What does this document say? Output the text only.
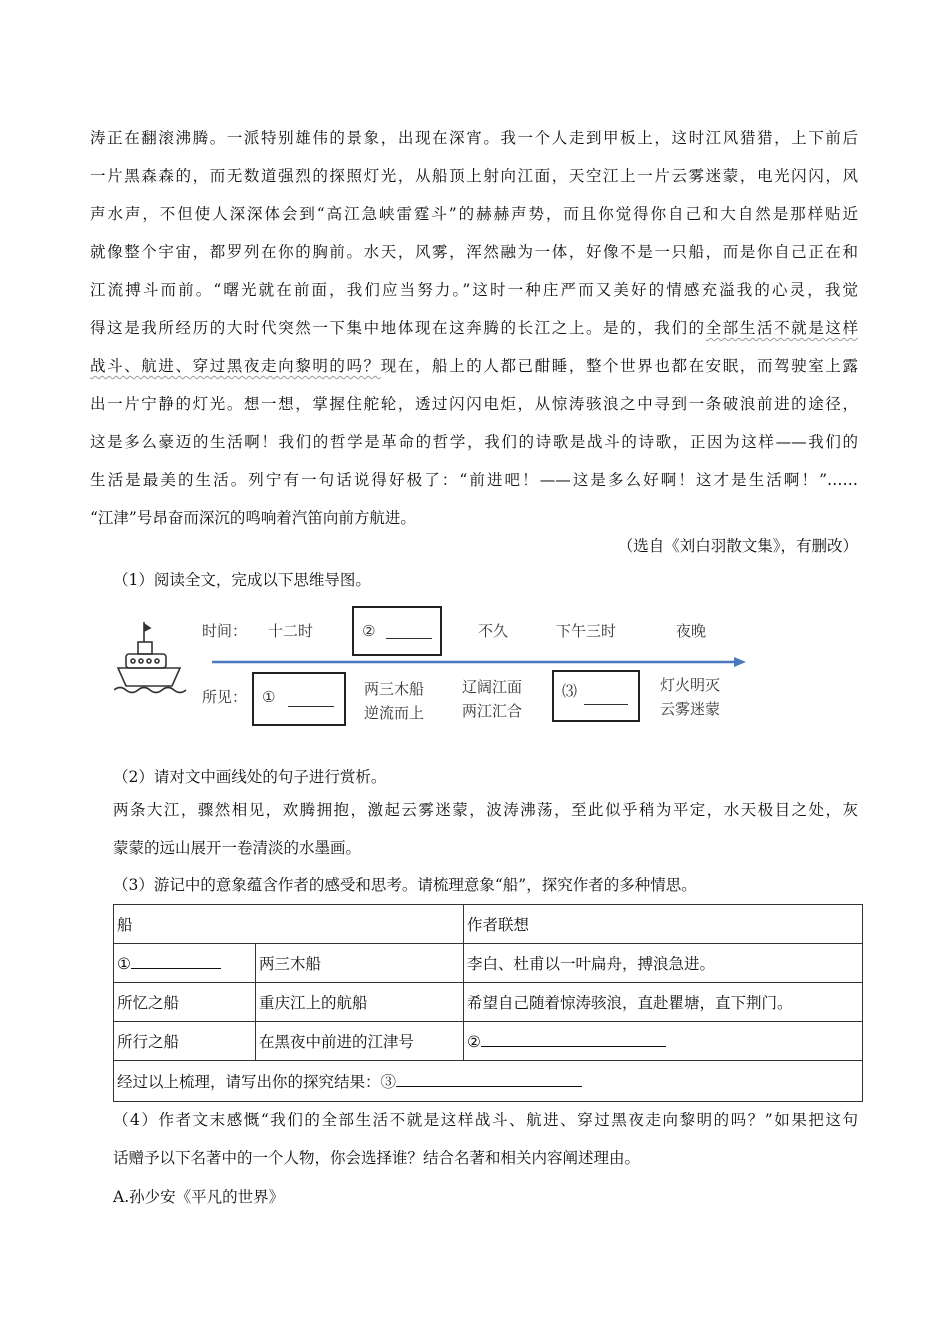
涛正在翻滚沸腾。一派特别雄伟的景象，出现在深宵。我一个人走到甲板上，这时江风猎猎，上下前后
一片黑森森的，而无数道强烈的探照灯光，从船顶上射向江面，天空江上一片云雾迷蒙，电光闪闪，风
声水声，不但使人深深体会到“高江急峡雷霆斗”的赫赫声势，而且你觉得你自己和大自然是那样贴近
就像整个宇宙，都罗列在你的胸前。水天，风雾，浑然融为一体，好像不是一只船，而是你自己正在和
江流搏斗而前。“曙光就在前面，我们应当努力。”这时一种庄严而又美好的情感充溢我的心灵，我觉
得这是我所经历的大时代突然一下集中地体现在这奔腾的长江之上。是的，我们的全部生活不就是这样
战斗、航进、穿过黑夜走向黎明的吗？现在，船上的人都已酣睡，整个世界也都在安眠，而驾驶室上露
出一片宁静的灯光。想一想，掌握住舵轮，透过闪闪电炬，从惊涛骇浪之中寻到一条破浪前进的途径，
这是多么豪迈的生活啊！我们的哲学是革命的哲学，我们的诗歌是战斗的诗歌，正因为这样——我们的
生活是最美的生活。列宁有一句话说得好极了：“前进吧！——这是多么好啊！这才是生活啊！”……
“江津”号昂奋而深沉的鸣响着汽笛向前方航进。
（选自《刘白羽散文集》，有删改）
（1）阅读全文，完成以下思维导图。
时间： 十二时	②	不久	下午三时	夜晚
所见： ①	两三木船
逆流而上
辽阔江面
两江汇合
⑶	灯火明灭
云雾迷蒙
（2）请对文中画线处的句子进行赏析。
两条大江，骤然相见，欢腾拥抱，激起云雾迷蒙，波涛沸荡，至此似乎稍为平定，水天极目之处，灰
蒙蒙的远山展开一卷清淡的水墨画。
（3）游记中的意象蕴含作者的感受和思考。请梳理意象“船”，探究作者的多种情思。
船		作者联想
①	两三木船	李白、杜甫以一叶扁舟，搏浪急进。
所忆之船	重庆江上的航船	希望自己随着惊涛骇浪，直赴瞿塘，直下荆门。
所行之船	在黑夜中前进的江津号	②
经过以上梳理，请写出你的探究结果：③		
（4）作者文末感慨“我们的全部生活不就是这样战斗、航进、穿过黑夜走向黎明的吗？”如果把这句
话赠予以下名著中的一个人物，你会选择谁？结合名著和相关内容阐述理由。
A.孙少安《平凡的世界》
